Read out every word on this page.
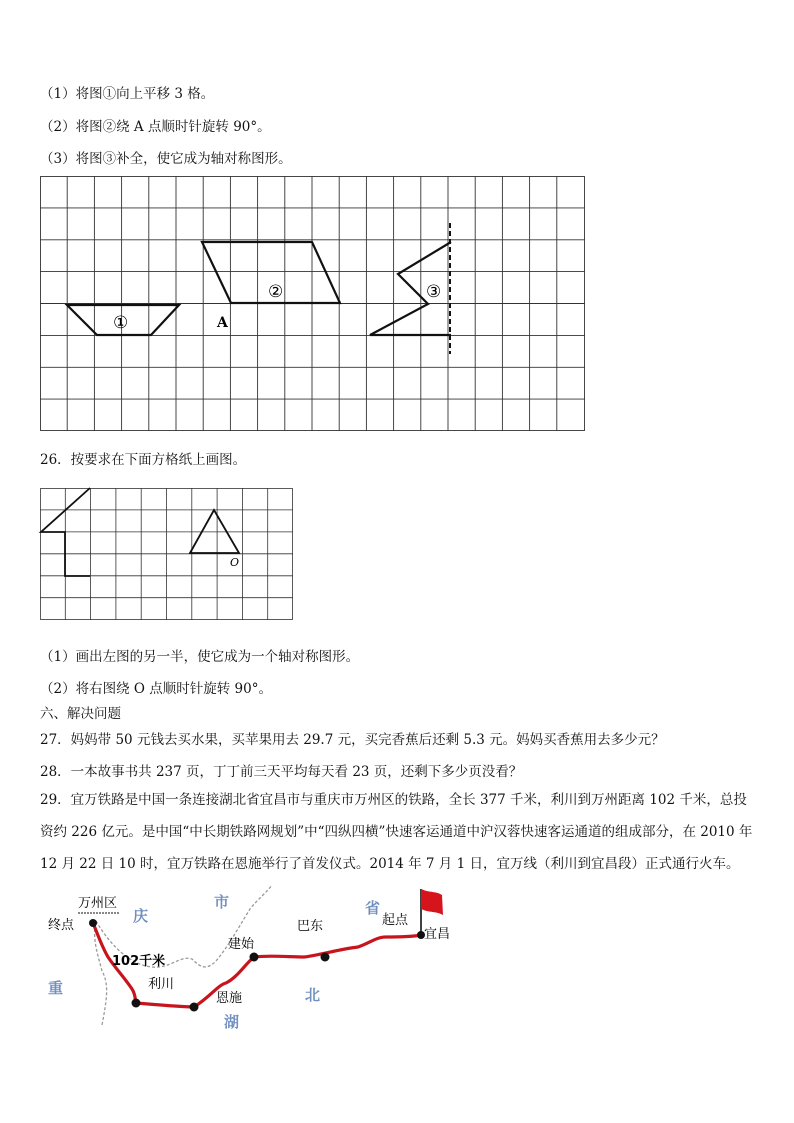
（1）将图①向上平移 3 格。
（2）将图②绕 A 点顺时针旋转 90°。
（3）将图③补全，使它成为轴对称图形。
①
②
A
③
26．按要求在下面方格纸上画图。
O
（1）画出左图的另一半，使它成为一个轴对称图形。
（2）将右图绕 O 点顺时针旋转 90°。
六、解决问题
27．妈妈带 50 元钱去买水果，买苹果用去 29.7 元，买完香蕉后还剩 5.3 元。妈妈买香蕉用去多少元？
28．一本故事书共 237 页，丁丁前三天平均每天看 23 页，还剩下多少页没看？
29．宜万铁路是中国一条连接湖北省宜昌市与重庆市万州区的铁路，全长 377 千米，利川到万州距离 102 千米，总投资约 226 亿元。是中国“中长期铁路网规划”中“四纵四横”快速客运通道中沪汉蓉快速客运通道的组成部分，在 2010 年 12 月 22 日 10 时，宜万铁路在恩施举行了首发仪式。2014 年 7 月 1 日，宜万线（利川到宜昌段）正式通行火车。
庆
市	省
北
湖
重
万州区
终点
102千米
利川
恩施
建始
巴东	起点
宜昌
